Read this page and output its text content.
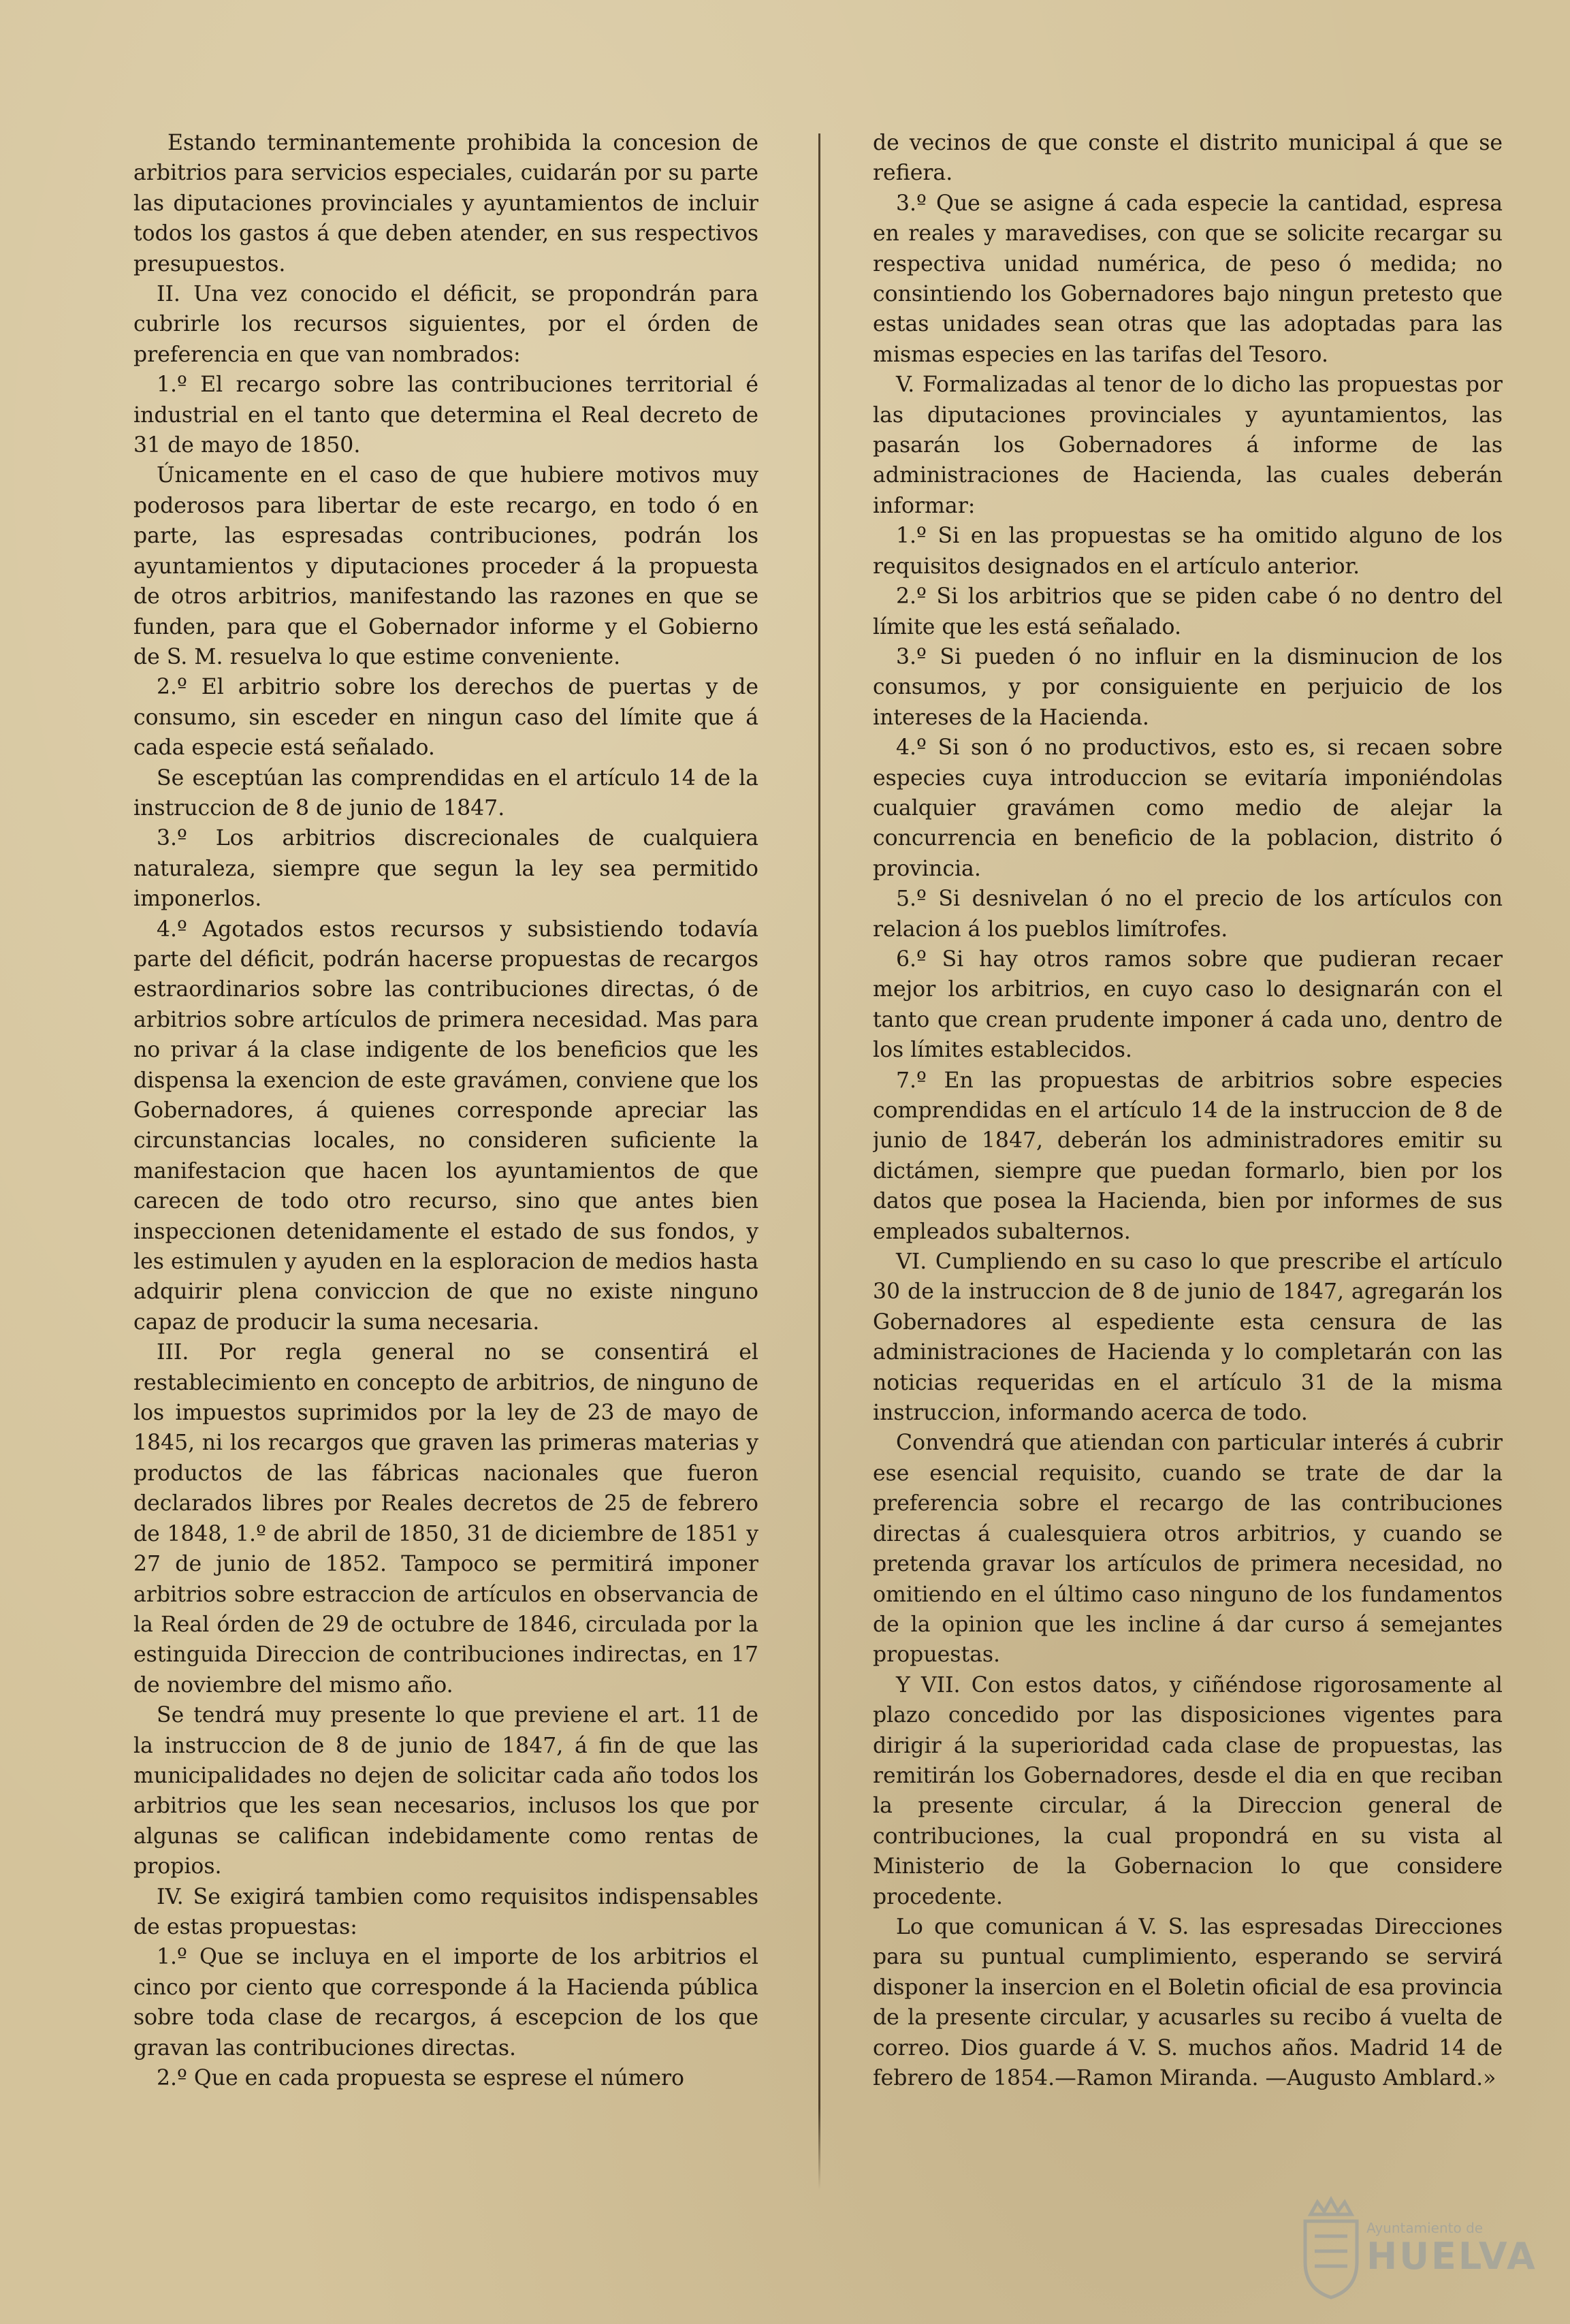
Estando terminantemente prohibida la concesion de arbitrios para servicios especiales, cuidarán por su parte las diputaciones provinciales y ayuntamientos de incluir todos los gastos á que deben atender, en sus respectivos presupuestos.

II. Una vez conocido el déficit, se propondrán para cubrirle los recursos siguientes, por el órden de preferencia en que van nombrados:

1.º El recargo sobre las contribuciones territorial é industrial en el tanto que determina el Real decreto de 31 de mayo de 1850.

Únicamente en el caso de que hubiere motivos muy poderosos para libertar de este recargo, en todo ó en parte, las espresadas contribuciones, podrán los ayuntamientos y diputaciones proceder á la propuesta de otros arbitrios, manifestando las razones en que se funden, para que el Gobernador informe y el Gobierno de S. M. resuelva lo que estime conveniente.

2.º El arbitrio sobre los derechos de puertas y de consumo, sin esceder en ningun caso del límite que á cada especie está señalado.

Se esceptúan las comprendidas en el artículo 14 de la instruccion de 8 de junio de 1847.

3.º Los arbitrios discrecionales de cualquiera naturaleza, siempre que segun la ley sea permitido imponerlos.

4.º Agotados estos recursos y subsistiendo todavía parte del déficit, podrán hacerse propuestas de recargos estraordinarios sobre las contribuciones directas, ó de arbitrios sobre artículos de primera necesidad. Mas para no privar á la clase indigente de los beneficios que les dispensa la exencion de este gravámen, conviene que los Gobernadores, á quienes corresponde apreciar las circunstancias locales, no consideren suficiente la manifestacion que hacen los ayuntamientos de que carecen de todo otro recurso, sino que antes bien inspeccionen detenidamente el estado de sus fondos, y les estimulen y ayuden en la esploracion de medios hasta adquirir plena conviccion de que no existe ninguno capaz de producir la suma necesaria.

III. Por regla general no se consentirá el restablecimiento en concepto de arbitrios, de ninguno de los impuestos suprimidos por la ley de 23 de mayo de 1845, ni los recargos que graven las primeras materias y productos de las fábricas nacionales que fueron declarados libres por Reales decretos de 25 de febrero de 1848, 1.º de abril de 1850, 31 de diciembre de 1851 y 27 de junio de 1852. Tampoco se permitirá imponer arbitrios sobre estraccion de artículos en observancia de la Real órden de 29 de octubre de 1846, circulada por la estinguida Direccion de contribuciones indirectas, en 17 de noviembre del mismo año.

Se tendrá muy presente lo que previene el art. 11 de la instruccion de 8 de junio de 1847, á fin de que las municipalidades no dejen de solicitar cada año todos los arbitrios que les sean necesarios, inclusos los que por algunas se califican indebidamente como rentas de propios.

IV. Se exigirá tambien como requisitos indispensables de estas propuestas:

1.º Que se incluya en el importe de los arbitrios el cinco por ciento que corresponde á la Hacienda pública sobre toda clase de recargos, á escepcion de los que gravan las contribuciones directas.

2.º Que en cada propuesta se esprese el número

de vecinos de que conste el distrito municipal á que se refiera.

3.º Que se asigne á cada especie la cantidad, espresa en reales y maravedises, con que se solicite recargar su respectiva unidad numérica, de peso ó medida; no consintiendo los Gobernadores bajo ningun pretesto que estas unidades sean otras que las adoptadas para las mismas especies en las tarifas del Tesoro.

V. Formalizadas al tenor de lo dicho las propuestas por las diputaciones provinciales y ayuntamientos, las pasarán los Gobernadores á informe de las administraciones de Hacienda, las cuales deberán informar:

1.º Si en las propuestas se ha omitido alguno de los requisitos designados en el artículo anterior.

2.º Si los arbitrios que se piden cabe ó no dentro del límite que les está señalado.

3.º Si pueden ó no influir en la disminucion de los consumos, y por consiguiente en perjuicio de los intereses de la Hacienda.

4.º Si son ó no productivos, esto es, si recaen sobre especies cuya introduccion se evitaría imponiéndolas cualquier gravámen como medio de alejar la concurrencia en beneficio de la poblacion, distrito ó provincia.

5.º Si desnivelan ó no el precio de los artículos con relacion á los pueblos limítrofes.

6.º Si hay otros ramos sobre que pudieran recaer mejor los arbitrios, en cuyo caso lo designarán con el tanto que crean prudente imponer á cada uno, dentro de los límites establecidos.

7.º En las propuestas de arbitrios sobre especies comprendidas en el artículo 14 de la instruccion de 8 de junio de 1847, deberán los administradores emitir su dictámen, siempre que puedan formarlo, bien por los datos que posea la Hacienda, bien por informes de sus empleados subalternos.

VI. Cumpliendo en su caso lo que prescribe el artículo 30 de la instruccion de 8 de junio de 1847, agregarán los Gobernadores al espediente esta censura de las administraciones de Hacienda y lo completarán con las noticias requeridas en el artículo 31 de la misma instruccion, informando acerca de todo.

Convendrá que atiendan con particular interés á cubrir ese esencial requisito, cuando se trate de dar la preferencia sobre el recargo de las contribuciones directas á cualesquiera otros arbitrios, y cuando se pretenda gravar los artículos de primera necesidad, no omitiendo en el último caso ninguno de los fundamentos de la opinion que les incline á dar curso á semejantes propuestas.

Y VII. Con estos datos, y ciñéndose rigorosamente al plazo concedido por las disposiciones vigentes para dirigir á la superioridad cada clase de propuestas, las remitirán los Gobernadores, desde el dia en que reciban la presente circular, á la Direccion general de contribuciones, la cual propondrá en su vista al Ministerio de la Gobernacion lo que considere procedente.

Lo que comunican á V. S. las espresadas Direcciones para su puntual cumplimiento, esperando se servirá disponer la insercion en el Boletin oficial de esa provincia de la presente circular, y acusarles su recibo á vuelta de correo. Dios guarde á V. S. muchos años. Madrid 14 de febrero de 1854.—Ramon Miranda. —Augusto Amblard.»

Ayuntamiento de
HUELVA
